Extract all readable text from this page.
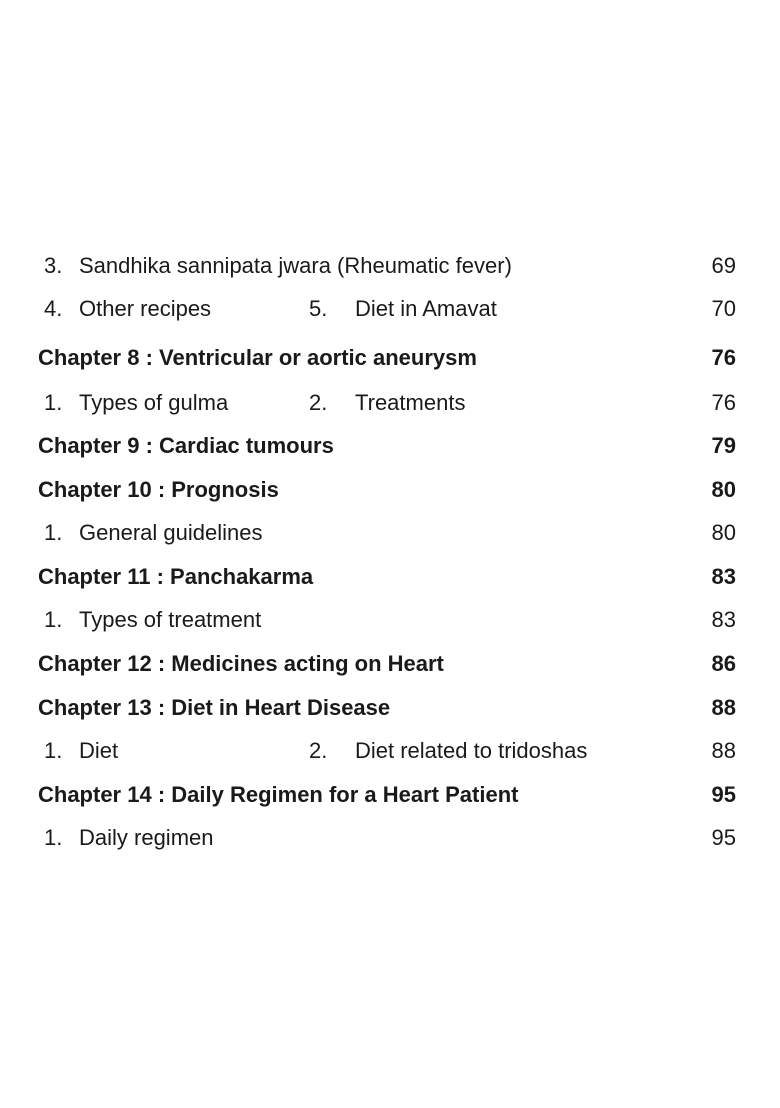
3. Sandhika sannipata jwara (Rheumatic fever)	69
4. Other recipes	5. Diet in Amavat	70
Chapter 8 : Ventricular or aortic aneurysm	76
1. Types of gulma	2. Treatments	76
Chapter 9 : Cardiac tumours	79
Chapter 10 : Prognosis	80
1. General guidelines	80
Chapter 11 : Panchakarma	83
1. Types of treatment	83
Chapter 12 : Medicines acting on Heart	86
Chapter 13 : Diet in Heart Disease	88
1. Diet	2. Diet related to tridoshas	88
Chapter 14 : Daily Regimen for a Heart Patient	95
1. Daily regimen	95
